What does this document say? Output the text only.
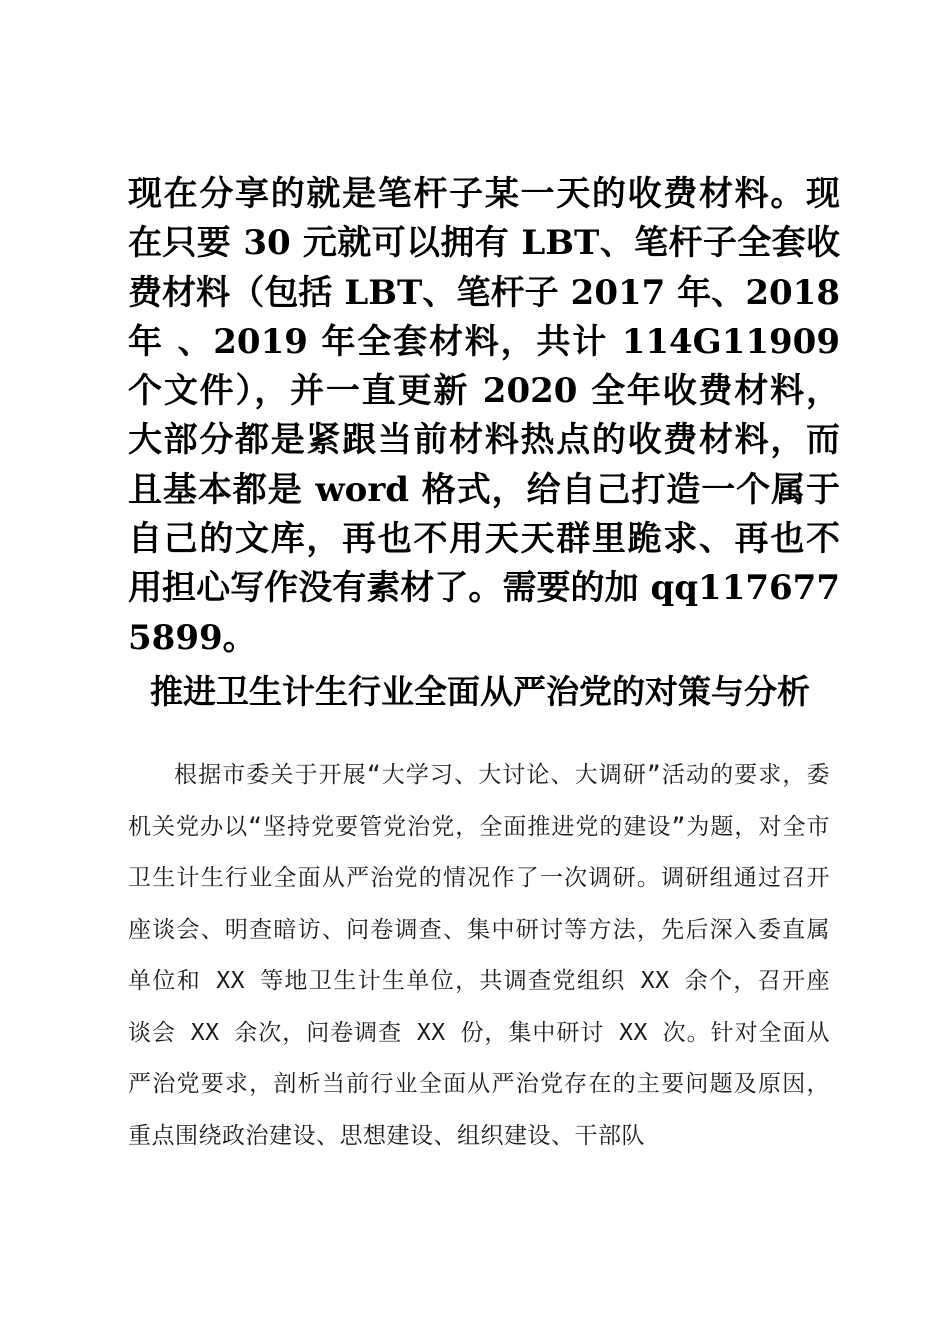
现在分享的就是笔杆子某一天的收费材料。现在只要 30 元就可以拥有 LBT、笔杆子全套收费材料（包括 LBT、笔杆子 2017 年、2018 年 、2019 年全套材料，共计 114G11909 个文件），并一直更新 2020 全年收费材料，大部分都是紧跟当前材料热点的收费材料，而且基本都是 word 格式，给自己打造一个属于自己的文库，再也不用天天群里跪求、再也不用担心写作没有素材了。需要的加 qq1176775899。

推进卫生计生行业全面从严治党的对策与分析

根据市委关于开展“大学习、大讨论、大调研”活动的要求，委机关党办以“坚持党要管党治党，全面推进党的建设”为题，对全市卫生计生行业全面从严治党的情况作了一次调研。调研组通过召开座谈会、明查暗访、问卷调查、集中研讨等方法，先后深入委直属单位和 XX 等地卫生计生单位，共调查党组织 XX 余个，召开座谈会 XX 余次，问卷调查 XX 份，集中研讨 XX 次。针对全面从严治党要求，剖析当前行业全面从严治党存在的主要问题及原因，重点围绕政治建设、思想建设、组织建设、干部队
